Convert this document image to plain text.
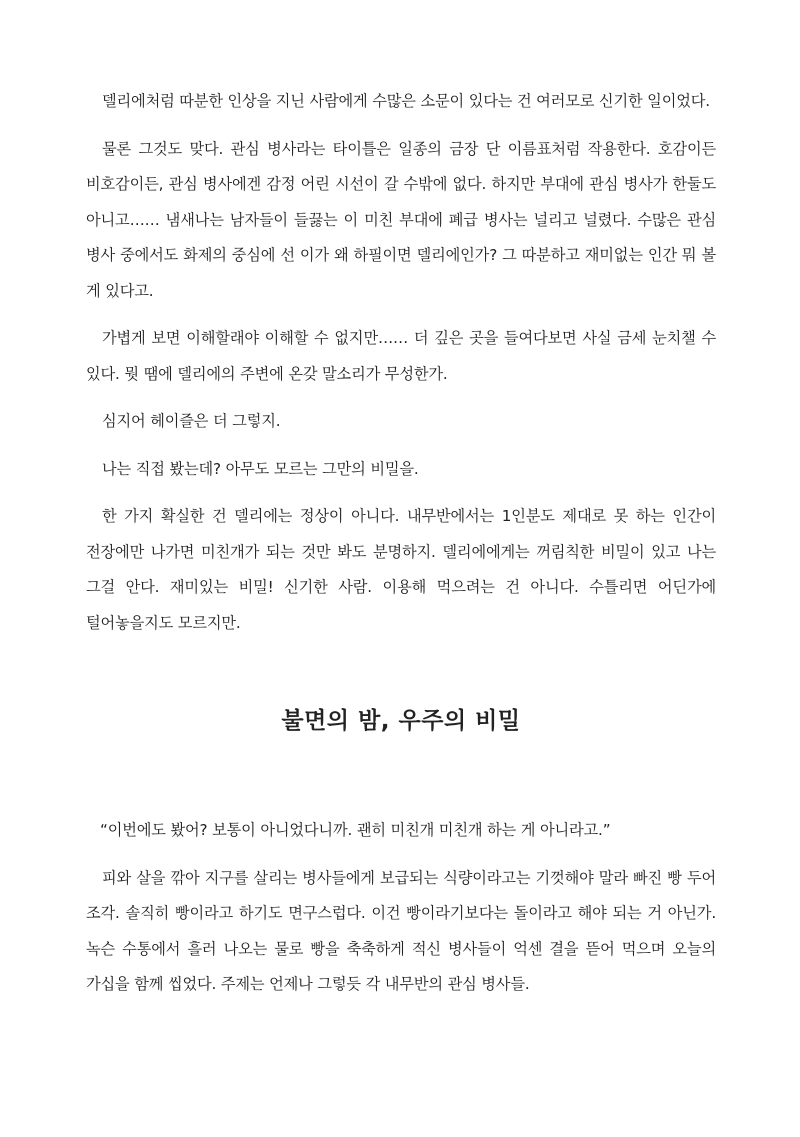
델리에처럼 따분한 인상을 지닌 사람에게 수많은 소문이 있다는 건 여러모로 신기한 일이었다.

물론 그것도 맞다. 관심 병사라는 타이틀은 일종의 금장 단 이름표처럼 작용한다. 호감이든 비호감이든, 관심 병사에겐 감정 어린 시선이 갈 수밖에 없다. 하지만 부대에 관심 병사가 한둘도 아니고…… 냄새나는 남자들이 들끓는 이 미친 부대에 폐급 병사는 널리고 널렸다. 수많은 관심 병사 중에서도 화제의 중심에 선 이가 왜 하필이면 델리에인가? 그 따분하고 재미없는 인간 뭐 볼 게 있다고.

가볍게 보면 이해할래야 이해할 수 없지만…… 더 깊은 곳을 들여다보면 사실 금세 눈치챌 수 있다. 뭣 땜에 델리에의 주변에 온갖 말소리가 무성한가.

심지어 헤이즐은 더 그렇지.

나는 직접 봤는데? 아무도 모르는 그만의 비밀을.

한 가지 확실한 건 델리에는 정상이 아니다. 내무반에서는 1인분도 제대로 못 하는 인간이 전장에만 나가면 미친개가 되는 것만 봐도 분명하지. 델리에에게는 꺼림칙한 비밀이 있고 나는 그걸 안다. 재미있는 비밀! 신기한 사람. 이용해 먹으려는 건 아니다. 수틀리면 어딘가에 털어놓을지도 모르지만.

불면의 밤, 우주의 비밀

“이번에도 봤어? 보통이 아니었다니까. 괜히 미친개 미친개 하는 게 아니라고.”

피와 살을 깎아 지구를 살리는 병사들에게 보급되는 식량이라고는 기껏해야 말라 빠진 빵 두어 조각. 솔직히 빵이라고 하기도 면구스럽다. 이건 빵이라기보다는 돌이라고 해야 되는 거 아닌가. 녹슨 수통에서 흘러 나오는 물로 빵을 축축하게 적신 병사들이 억센 결을 뜯어 먹으며 오늘의 가십을 함께 씹었다. 주제는 언제나 그렇듯 각 내무반의 관심 병사들.
